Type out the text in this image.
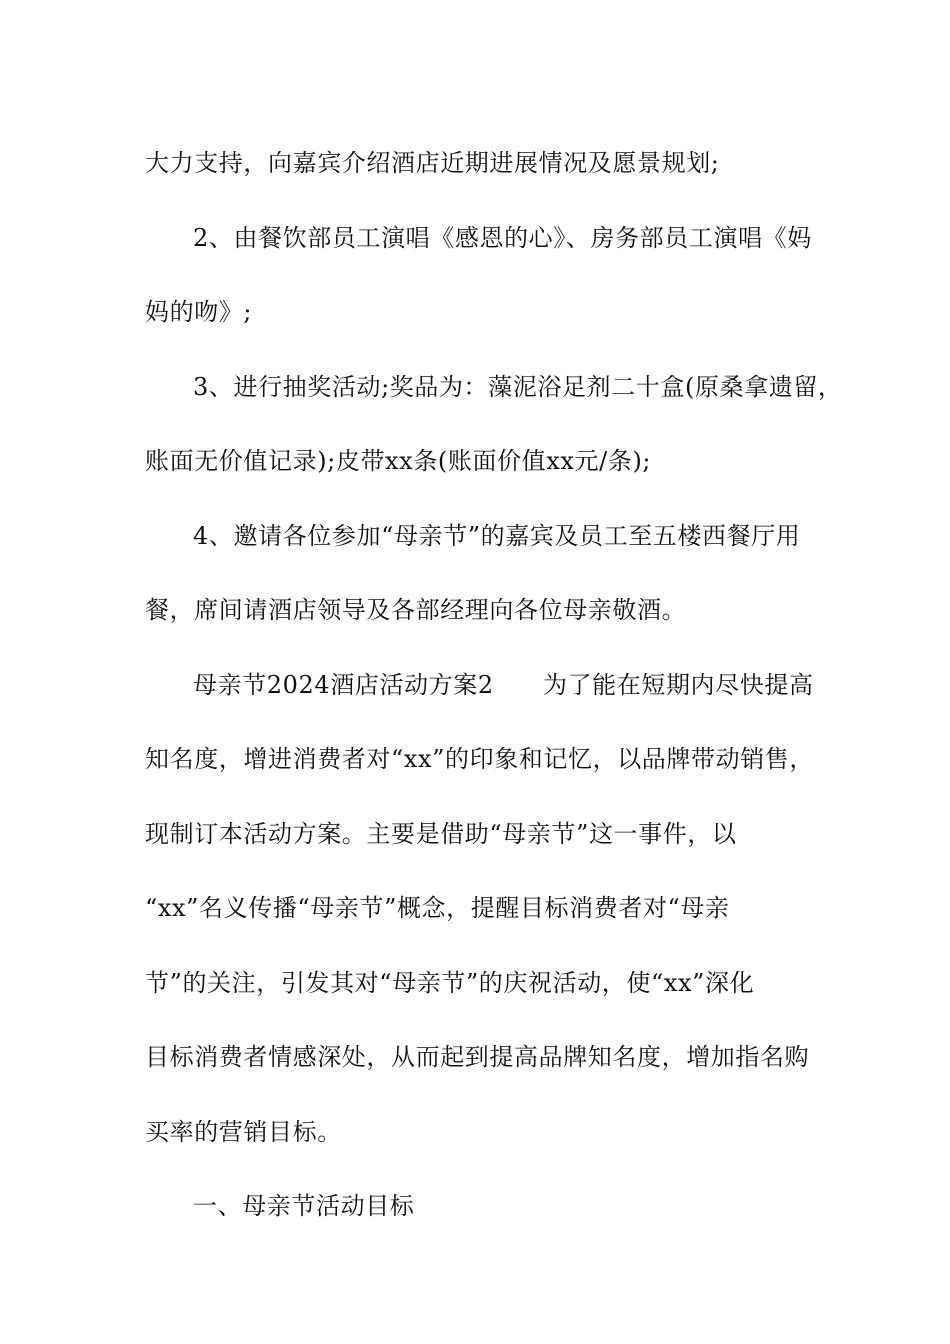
大力支持，向嘉宾介绍酒店近期进展情况及愿景规划;
2、由餐饮部员工演唱《感恩的心》、房务部员工演唱《妈
妈的吻》;
3、进行抽奖活动;奖品为：藻泥浴足剂二十盒(原桑拿遗留，
账面无价值记录);皮带xx条(账面价值xx元/条);
4、邀请各位参加“母亲节”的嘉宾及员工至五楼西餐厅用
餐，席间请酒店领导及各部经理向各位母亲敬酒。
母亲节2024酒店活动方案2　　为了能在短期内尽快提高
知名度，增进消费者对“xx”的印象和记忆，以品牌带动销售，
现制订本活动方案。主要是借助“母亲节”这一事件，以
“xx”名义传播“母亲节”概念，提醒目标消费者对“母亲
节”的关注，引发其对“母亲节”的庆祝活动，使“xx”深化
目标消费者情感深处，从而起到提高品牌知名度，增加指名购
买率的营销目标。
一、母亲节活动目标
